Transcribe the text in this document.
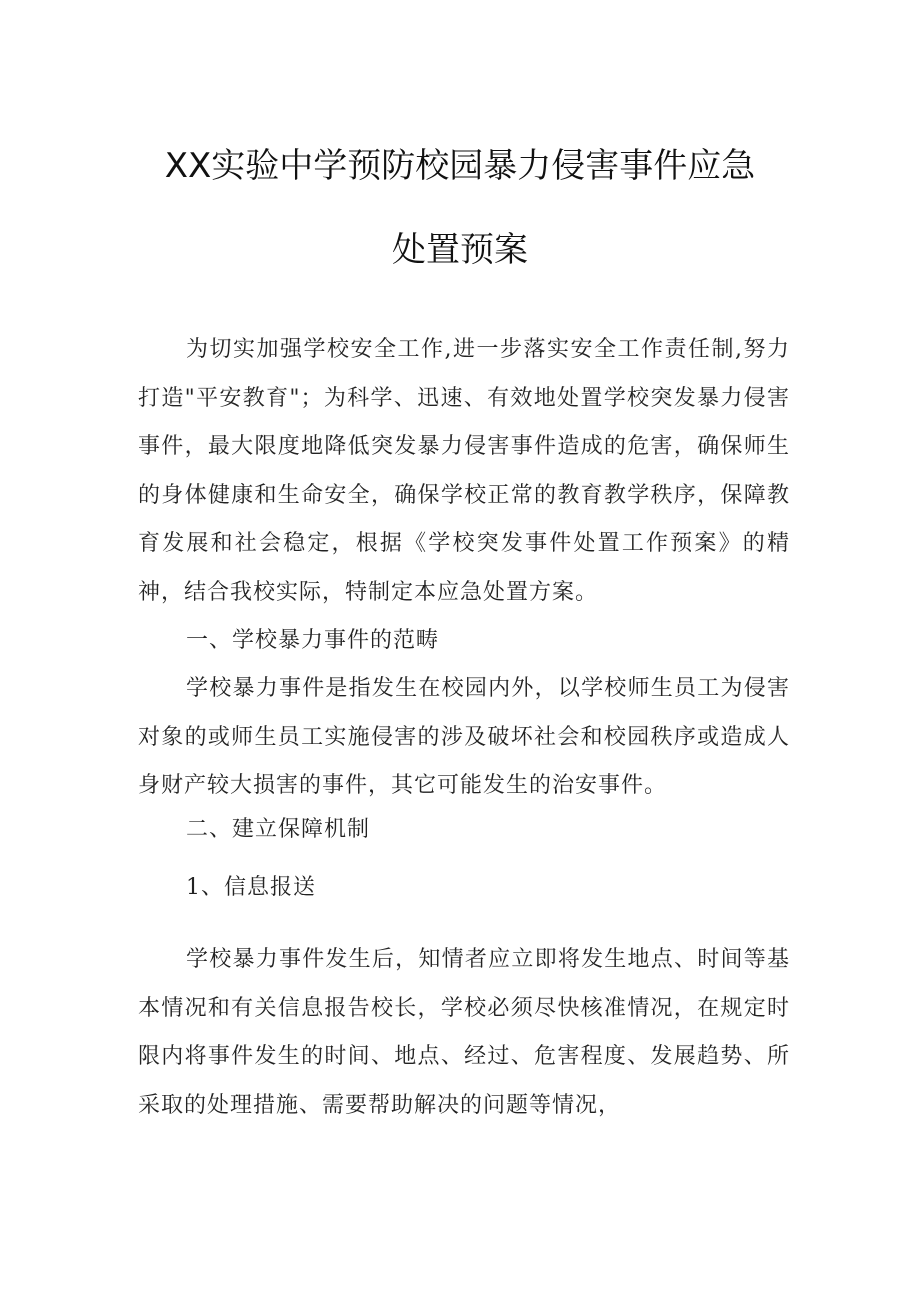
XX实验中学预防校园暴力侵害事件应急
处置预案

为切实加强学校安全工作,进一步落实安全工作责任制,努力打造"平安教育"；为科学、迅速、有效地处置学校突发暴力侵害事件，最大限度地降低突发暴力侵害事件造成的危害，确保师生的身体健康和生命安全，确保学校正常的教育教学秩序，保障教育发展和社会稳定，根据《学校突发事件处置工作预案》的精神，结合我校实际，特制定本应急处置方案。

一、学校暴力事件的范畴

学校暴力事件是指发生在校园内外，以学校师生员工为侵害对象的或师生员工实施侵害的涉及破坏社会和校园秩序或造成人身财产较大损害的事件，其它可能发生的治安事件。

二、建立保障机制

1、信息报送

学校暴力事件发生后，知情者应立即将发生地点、时间等基本情况和有关信息报告校长，学校必须尽快核准情况，在规定时限内将事件发生的时间、地点、经过、危害程度、发展趋势、所采取的处理措施、需要帮助解决的问题等情况，
